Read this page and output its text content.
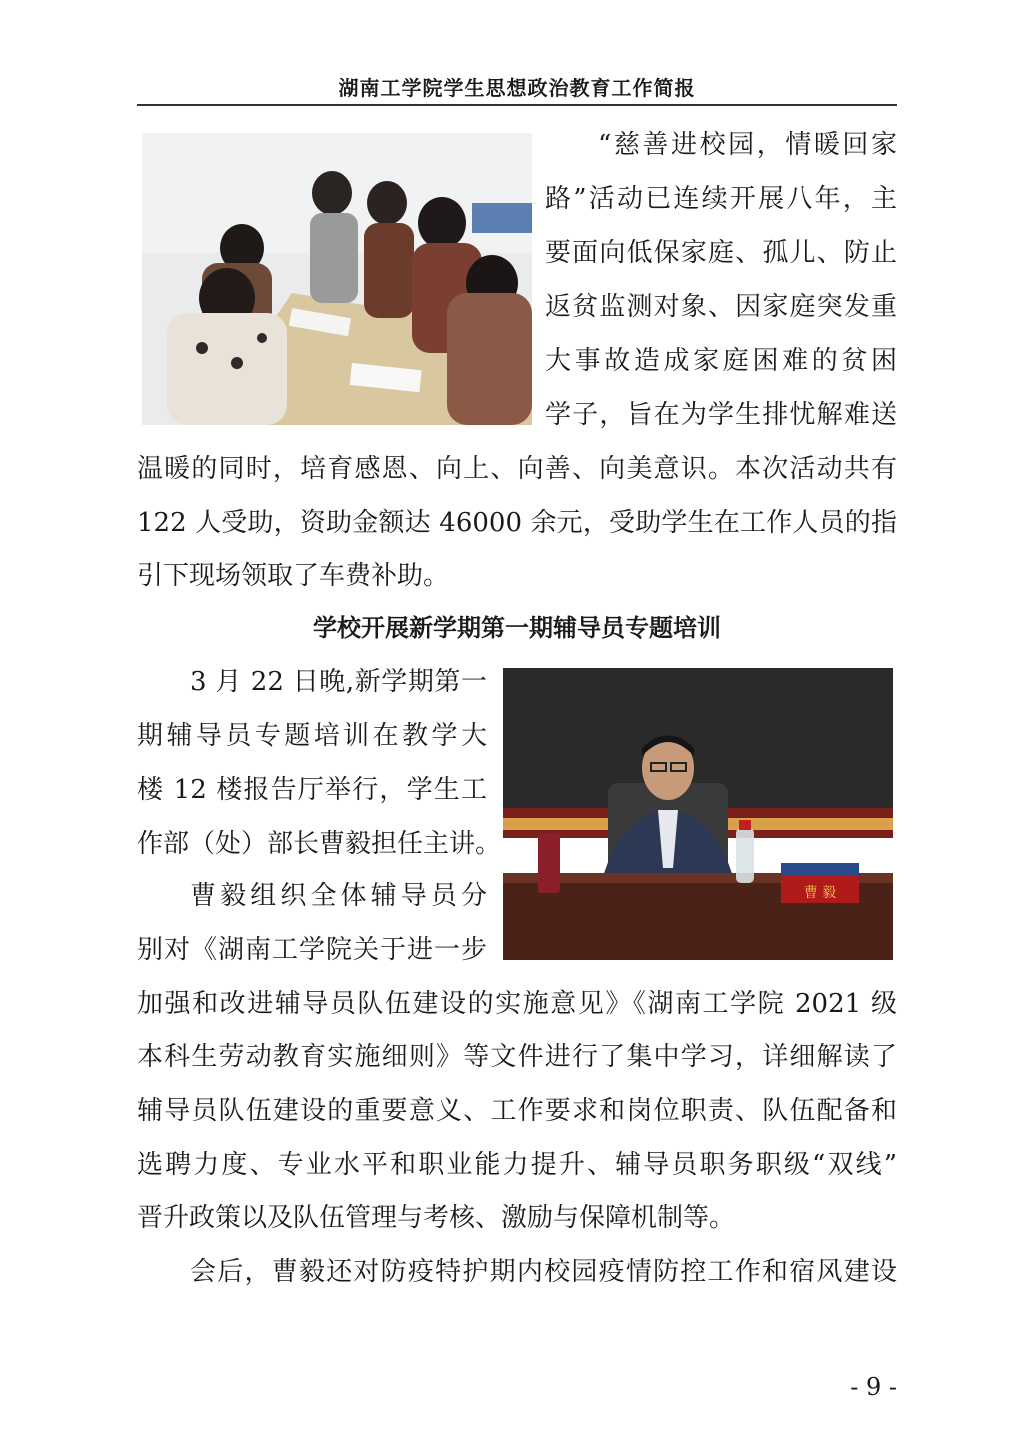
湖南工学院学生思想政治教育工作简报
“慈善进校园，情暖回家
路”活动已连续开展八年，主
要面向低保家庭、孤儿、防止
返贫监测对象、因家庭突发重
大事故造成家庭困难的贫困
学子，旨在为学生排忧解难送
温暖的同时，培育感恩、向上、向善、向美意识。本次活动共有
122 人受助，资助金额达 46000 余元，受助学生在工作人员的指
引下现场领取了车费补助。
学校开展新学期第一期辅导员专题培训
曹 毅
3 月 22 日晚,新学期第一
期辅导员专题培训在教学大
楼 12 楼报告厅举行，学生工
作部（处）部长曹毅担任主讲。
曹毅组织全体辅导员分
别对《湖南工学院关于进一步
加强和改进辅导员队伍建设的实施意见》《湖南工学院 2021 级
本科生劳动教育实施细则》等文件进行了集中学习，详细解读了
辅导员队伍建设的重要意义、工作要求和岗位职责、队伍配备和
选聘力度、专业水平和职业能力提升、辅导员职务职级“双线”
晋升政策以及队伍管理与考核、激励与保障机制等。
会后，曹毅还对防疫特护期内校园疫情防控工作和宿风建设
- 9 -
